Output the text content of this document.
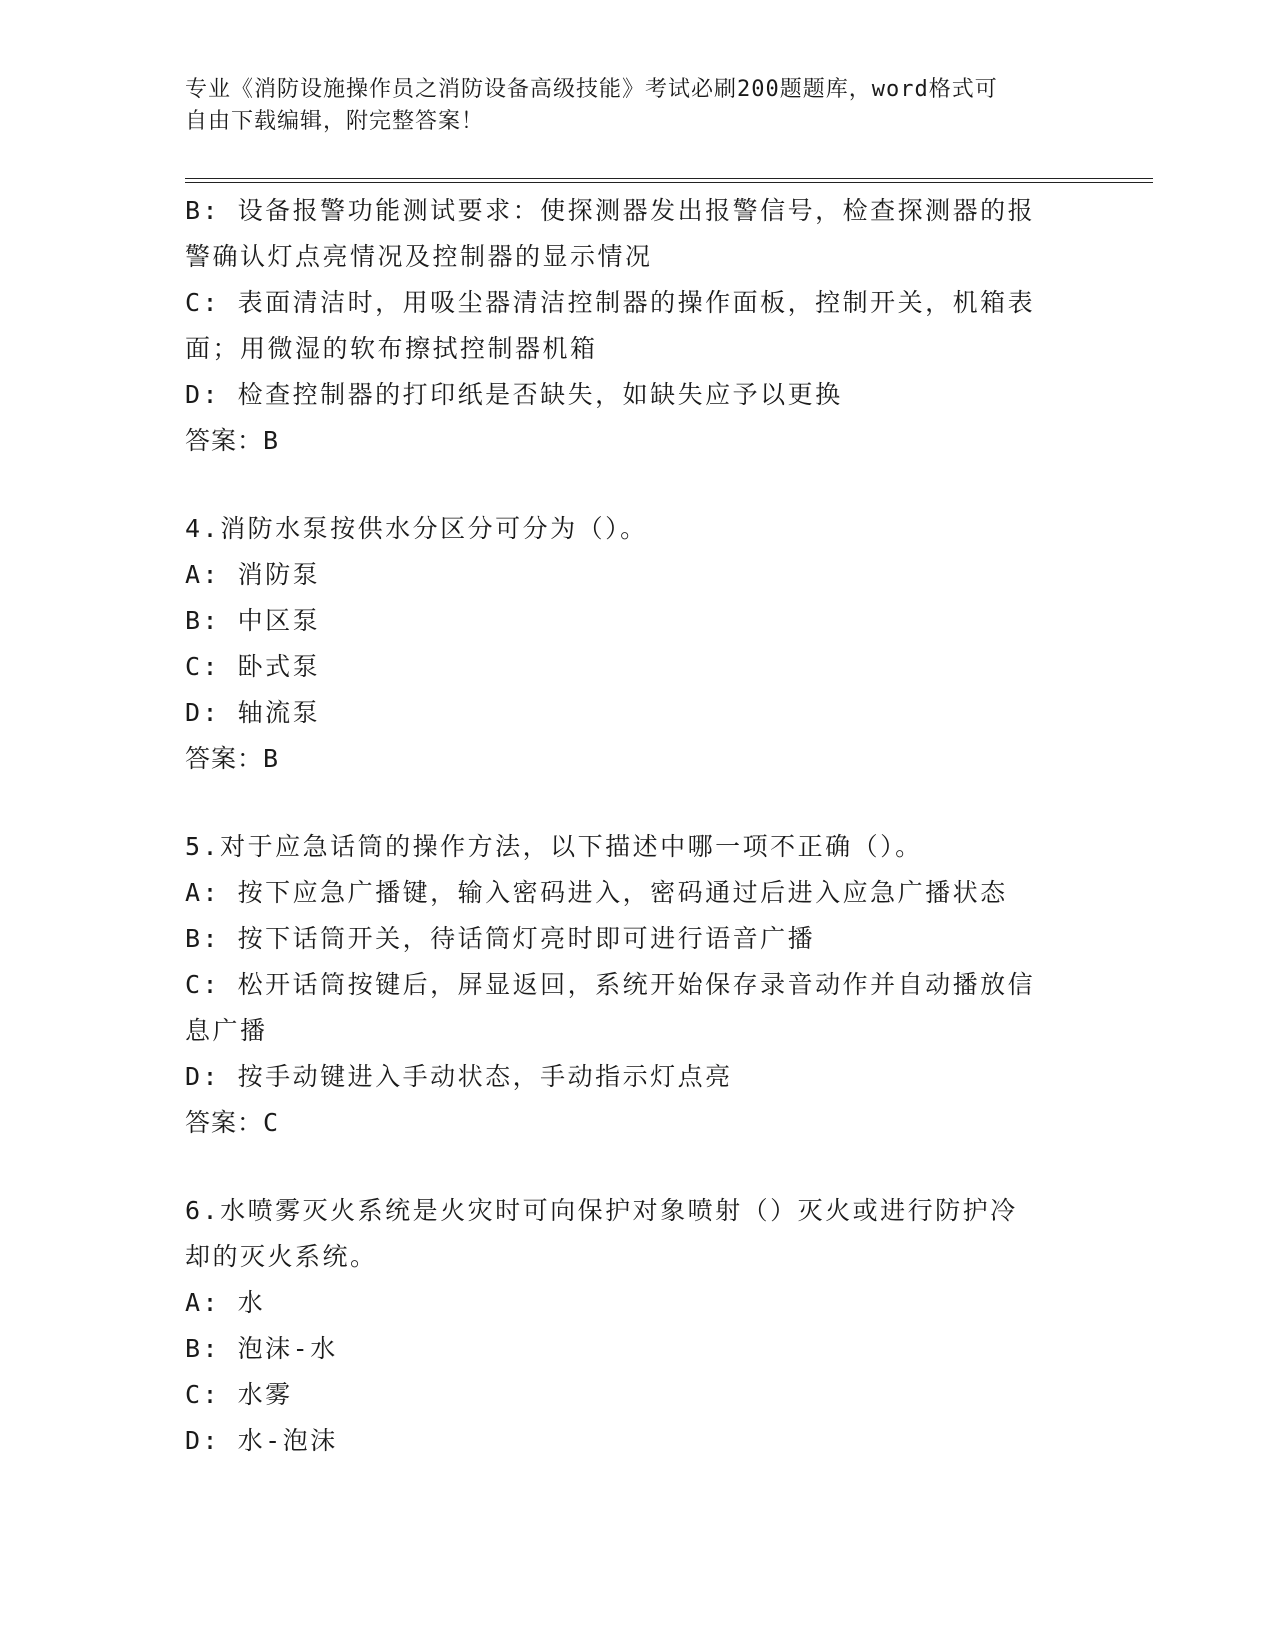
专业《消防设施操作员之消防设备高级技能》考试必刷200题题库，word格式可
自由下载编辑，附完整答案！
B: 设备报警功能测试要求：使探测器发出报警信号，检查探测器的报
警确认灯点亮情况及控制器的显示情况
C: 表面清洁时，用吸尘器清洁控制器的操作面板，控制开关，机箱表
面；用微湿的软布擦拭控制器机箱
D: 检查控制器的打印纸是否缺失，如缺失应予以更换
答案：B
4.消防水泵按供水分区分可分为（）。
A: 消防泵
B: 中区泵
C: 卧式泵
D: 轴流泵
答案：B
5.对于应急话筒的操作方法，以下描述中哪一项不正确（）。
A: 按下应急广播键，输入密码进入，密码通过后进入应急广播状态
B: 按下话筒开关，待话筒灯亮时即可进行语音广播
C: 松开话筒按键后，屏显返回，系统开始保存录音动作并自动播放信
息广播
D: 按手动键进入手动状态，手动指示灯点亮
答案：C
6.水喷雾灭火系统是火灾时可向保护对象喷射（）灭火或进行防护冷
却的灭火系统。
A: 水
B: 泡沫-水
C: 水雾
D: 水-泡沫
